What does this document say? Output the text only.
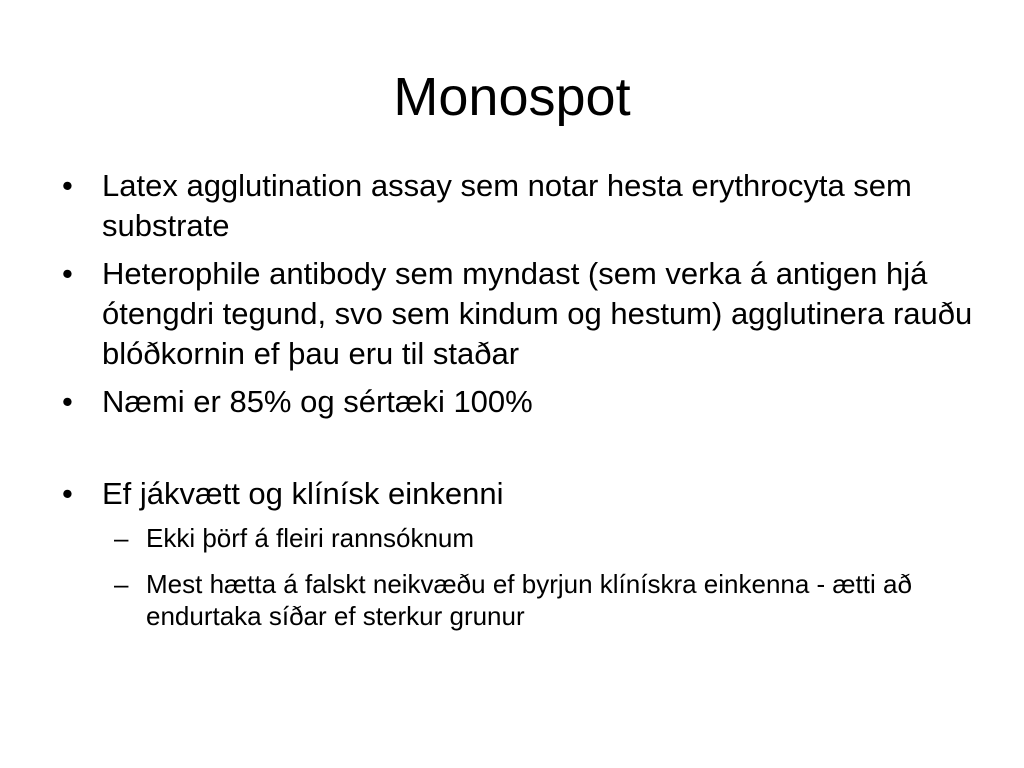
Monospot
• Latex agglutination assay sem notar hesta erythrocyta sem substrate
• Heterophile antibody sem myndast (sem verka á antigen hjá ótengdri tegund, svo sem kindum og hestum) agglutinera rauðu blóðkornin ef þau eru til staðar
• Næmi er 85% og sértæki 100%
• Ef jákvætt og klínísk einkenni
– Ekki þörf á fleiri rannsóknum
– Mest hætta á falskt neikvæðu ef byrjun klínískra einkenna - ætti að endurtaka síðar ef sterkur grunur
